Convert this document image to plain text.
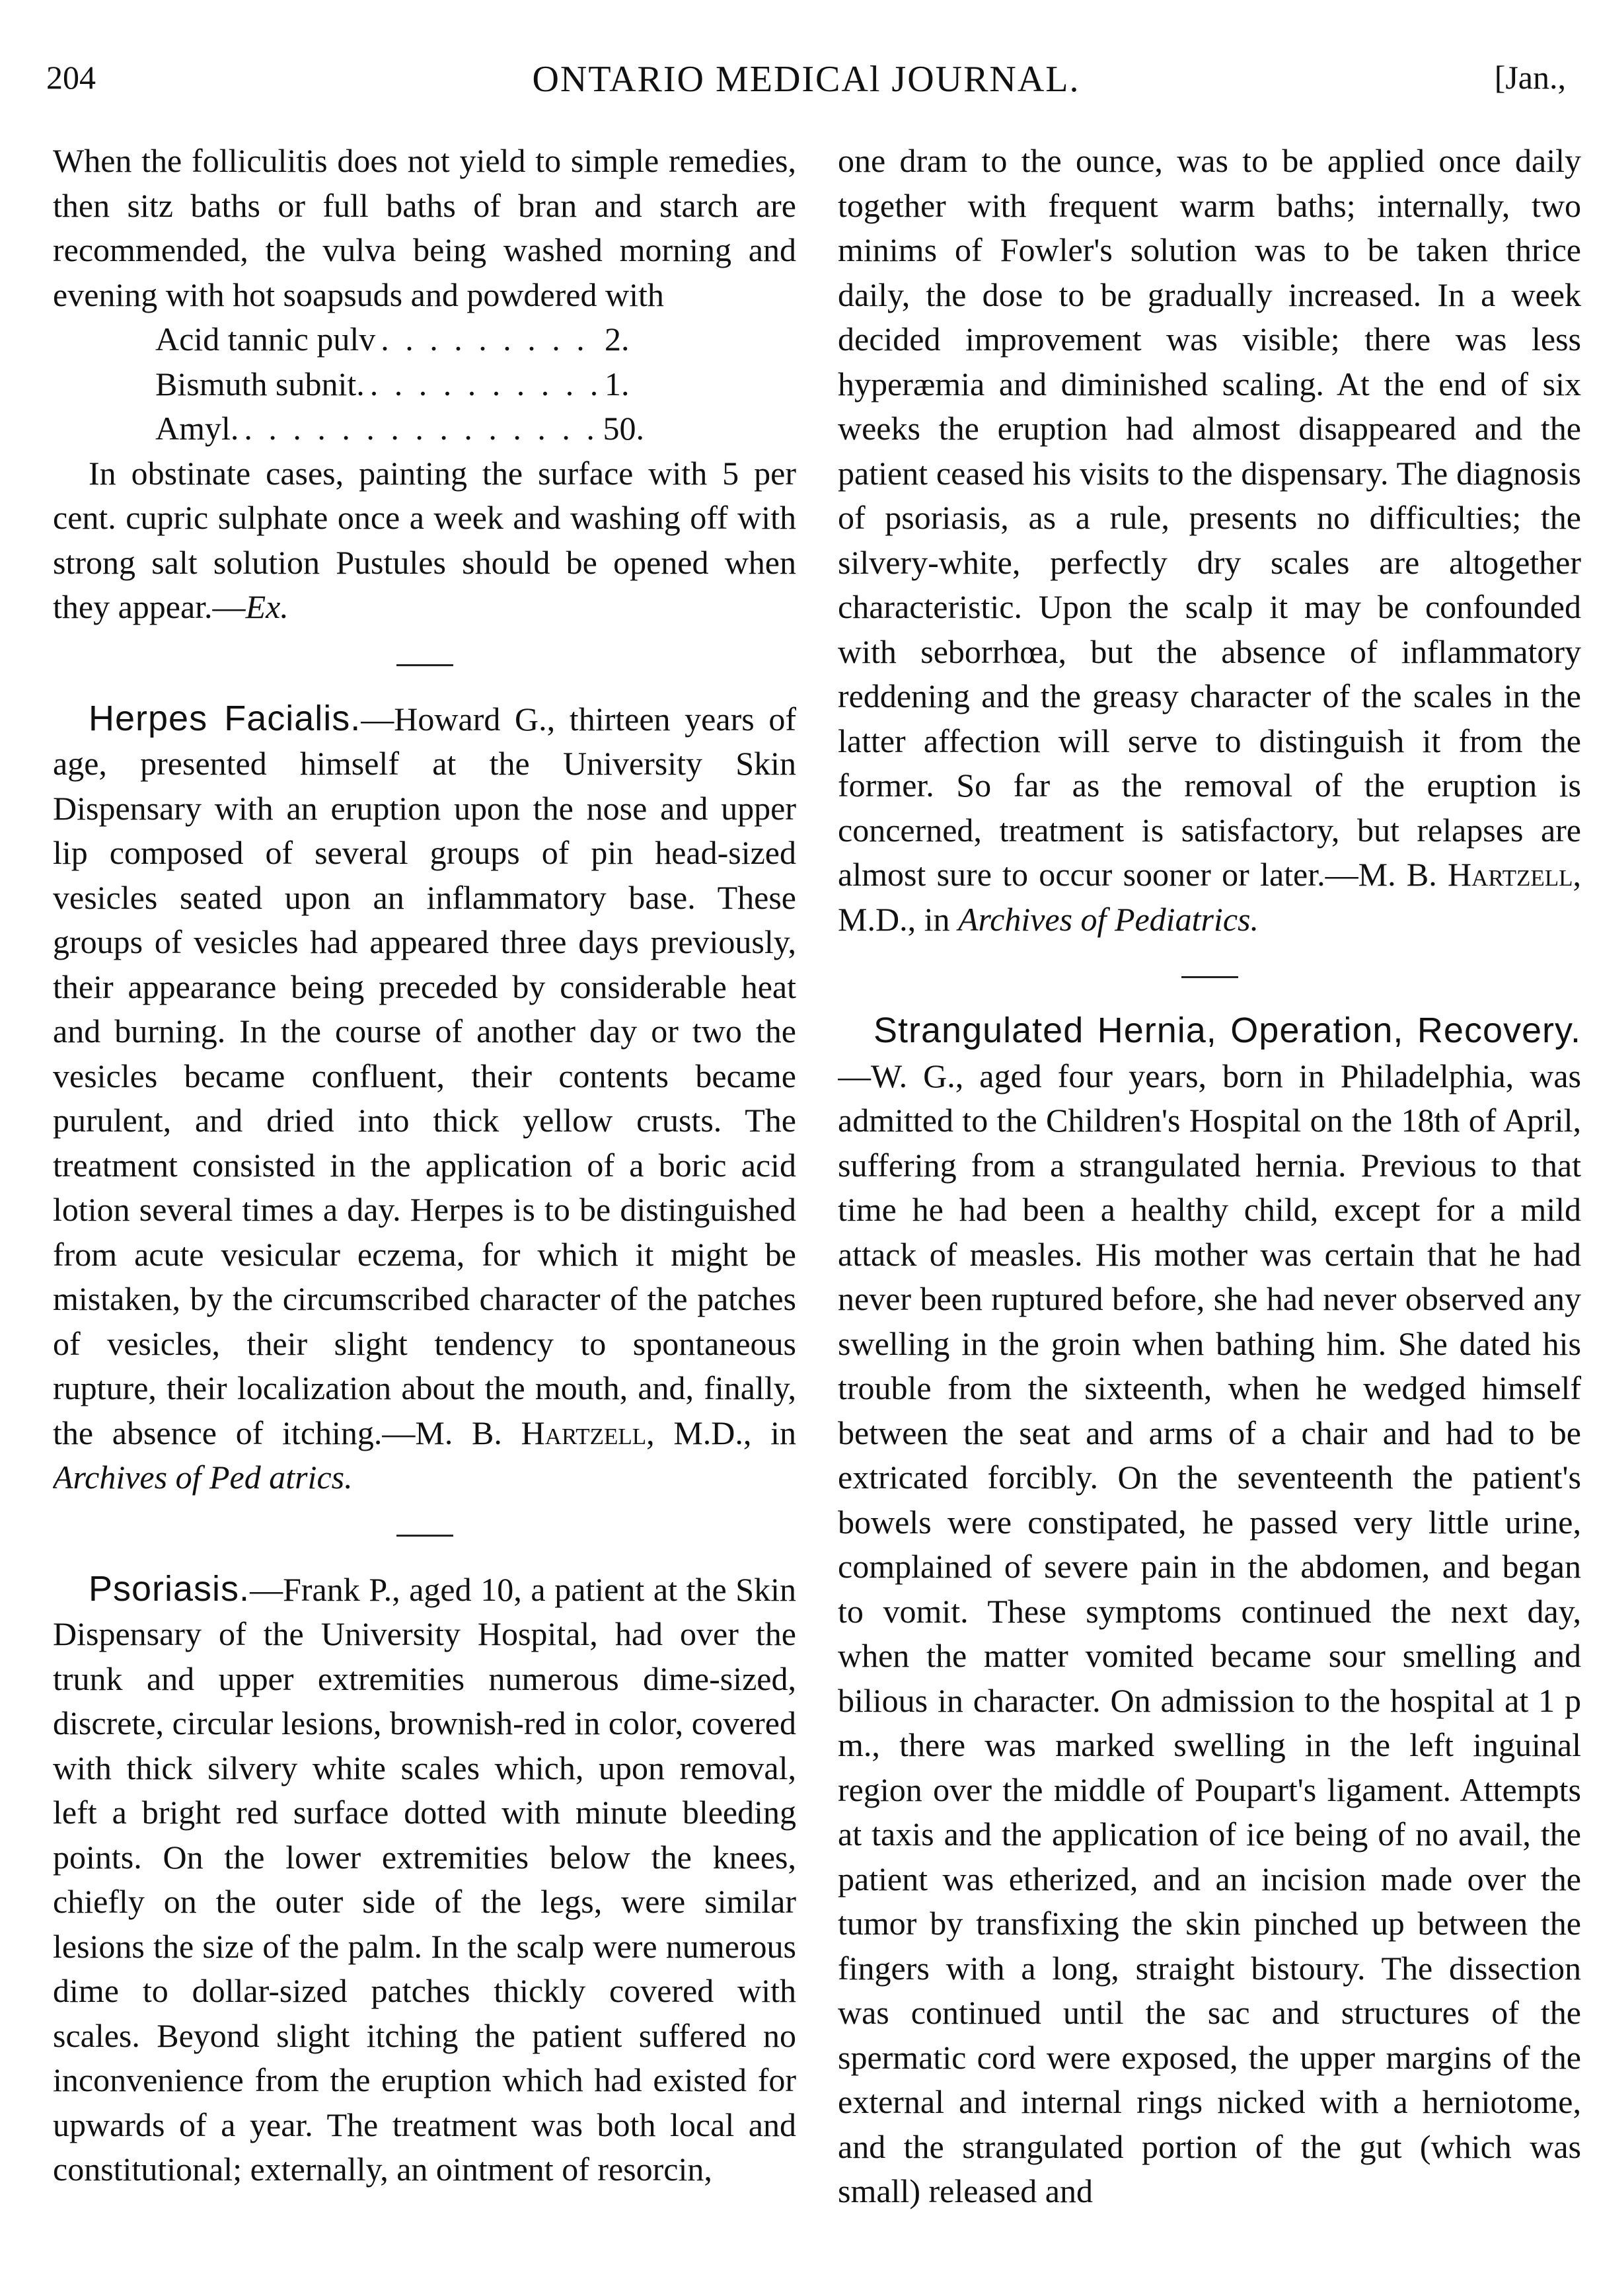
204	ONTARIO MEDICAl JOURNAL.	[Jan.,

When the folliculitis does not yield to simple remedies, then sitz baths or full baths of bran and starch are recommended, the vulva being washed morning and evening with hot soapsuds and powdered with

Acid tannic pulv . . .	2.
Bismuth subnit. . . .	1.
Amyl. . . .	50.

In obstinate cases, painting the surface with 5 per cent. cupric sulphate once a week and washing off with strong salt solution Pustules should be opened when they appear.—Ex.

Herpes Facialis.—Howard G., thirteen years of age, presented himself at the University Skin Dispensary with an eruption upon the nose and upper lip composed of several groups of pin head-sized vesicles seated upon an inflammatory base. These groups of vesicles had appeared three days previously, their appearance being preceded by considerable heat and burning. In the course of another day or two the vesicles became confluent, their contents became purulent, and dried into thick yellow crusts. The treatment consisted in the application of a boric acid lotion several times a day. Herpes is to be distinguished from acute vesicular eczema, for which it might be mistaken, by the circumscribed character of the patches of vesicles, their slight tendency to spontaneous rupture, their localization about the mouth, and, finally, the absence of itching.—M. B. Hartzell, M.D., in Archives of Ped atrics.

Psoriasis.—Frank P., aged 10, a patient at the Skin Dispensary of the University Hospital, had over the trunk and upper extremities numerous dime-sized, discrete, circular lesions, brownish-red in color, covered with thick silvery white scales which, upon removal, left a bright red surface dotted with minute bleeding points. On the lower extremities below the knees, chiefly on the outer side of the legs, were similar lesions the size of the palm. In the scalp were numerous dime to dollar-sized patches thickly covered with scales. Beyond slight itching the patient suffered no inconvenience from the eruption which had existed for upwards of a year. The treatment was both local and constitutional; externally, an ointment of resorcin,

one dram to the ounce, was to be applied once daily together with frequent warm baths; internally, two minims of Fowler's solution was to be taken thrice daily, the dose to be gradually increased. In a week decided improvement was visible; there was less hyperæmia and diminished scaling. At the end of six weeks the eruption had almost disappeared and the patient ceased his visits to the dispensary. The diagnosis of psoriasis, as a rule, presents no difficulties; the silvery-white, perfectly dry scales are altogether characteristic. Upon the scalp it may be confounded with seborrhœa, but the absence of inflammatory reddening and the greasy character of the scales in the latter affection will serve to distinguish it from the former. So far as the removal of the eruption is concerned, treatment is satisfactory, but relapses are almost sure to occur sooner or later.—M. B. Hartzell, M.D., in Archives of Pediatrics.

Strangulated Hernia, Operation, Recovery.—W. G., aged four years, born in Philadelphia, was admitted to the Children's Hospital on the 18th of April, suffering from a strangulated hernia. Previous to that time he had been a healthy child, except for a mild attack of measles. His mother was certain that he had never been ruptured before, she had never observed any swelling in the groin when bathing him. She dated his trouble from the sixteenth, when he wedged himself between the seat and arms of a chair and had to be extricated forcibly. On the seventeenth the patient's bowels were constipated, he passed very little urine, complained of severe pain in the abdomen, and began to vomit. These symptoms continued the next day, when the matter vomited became sour smelling and bilious in character. On admission to the hospital at 1 p m., there was marked swelling in the left inguinal region over the middle of Poupart's ligament. Attempts at taxis and the application of ice being of no avail, the patient was etherized, and an incision made over the tumor by transfixing the skin pinched up between the fingers with a long, straight bistoury. The dissection was continued until the sac and structures of the spermatic cord were exposed, the upper margins of the external and internal rings nicked with a herniotome, and the strangulated portion of the gut (which was small) released and
